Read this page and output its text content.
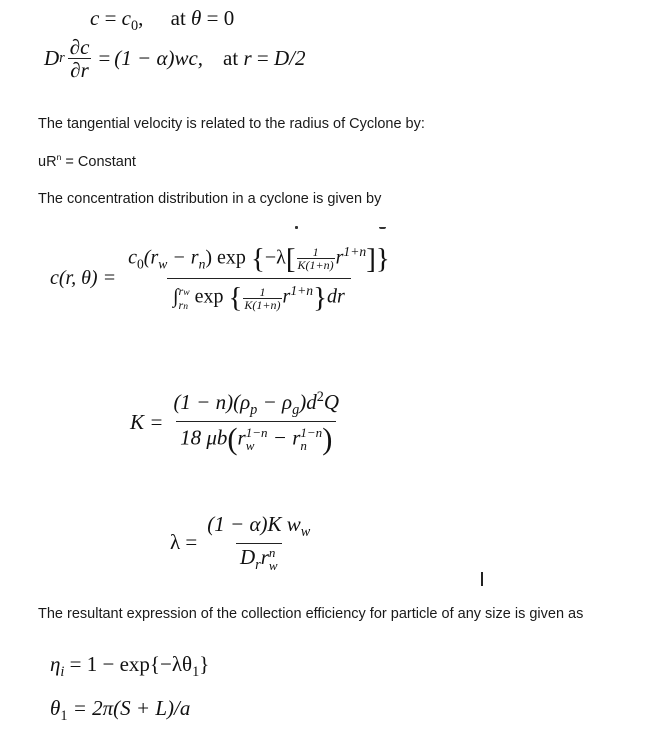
$c = c_0$, at θ = 0
D r $\frac{\partial c}{\partial r} = (1 - \alpha)wc$, at
r
=
D/2
The tangential velocity is related to the radius of Cyclone by:
$uR^n$ = Constant
The concentration distribution in a cyclone is given by
c(r, $\theta) = c_0(r_w - r_n)$ $\exp \{-\lambda[ \frac{1}{K(1+n)} r^{1+n}]\}$
∫ rw
rn exp { $\frac{1}{K(1+n)} r^{1+n}\}dr$
$K = (1 - n)(\rho_p - \rho_g)d^2Q$
18 μb(r 1−n
w − r 1−n
n )
λ = (1 − α)K $w_w$
$D_rr$ n
w
The resultant expression of the collection efficiency for particle of any size is given as
$\eta_i = 1 - \exp\{-\lambda\theta_1\}$
$\theta_1 = 2\pi(S + L)/a$
